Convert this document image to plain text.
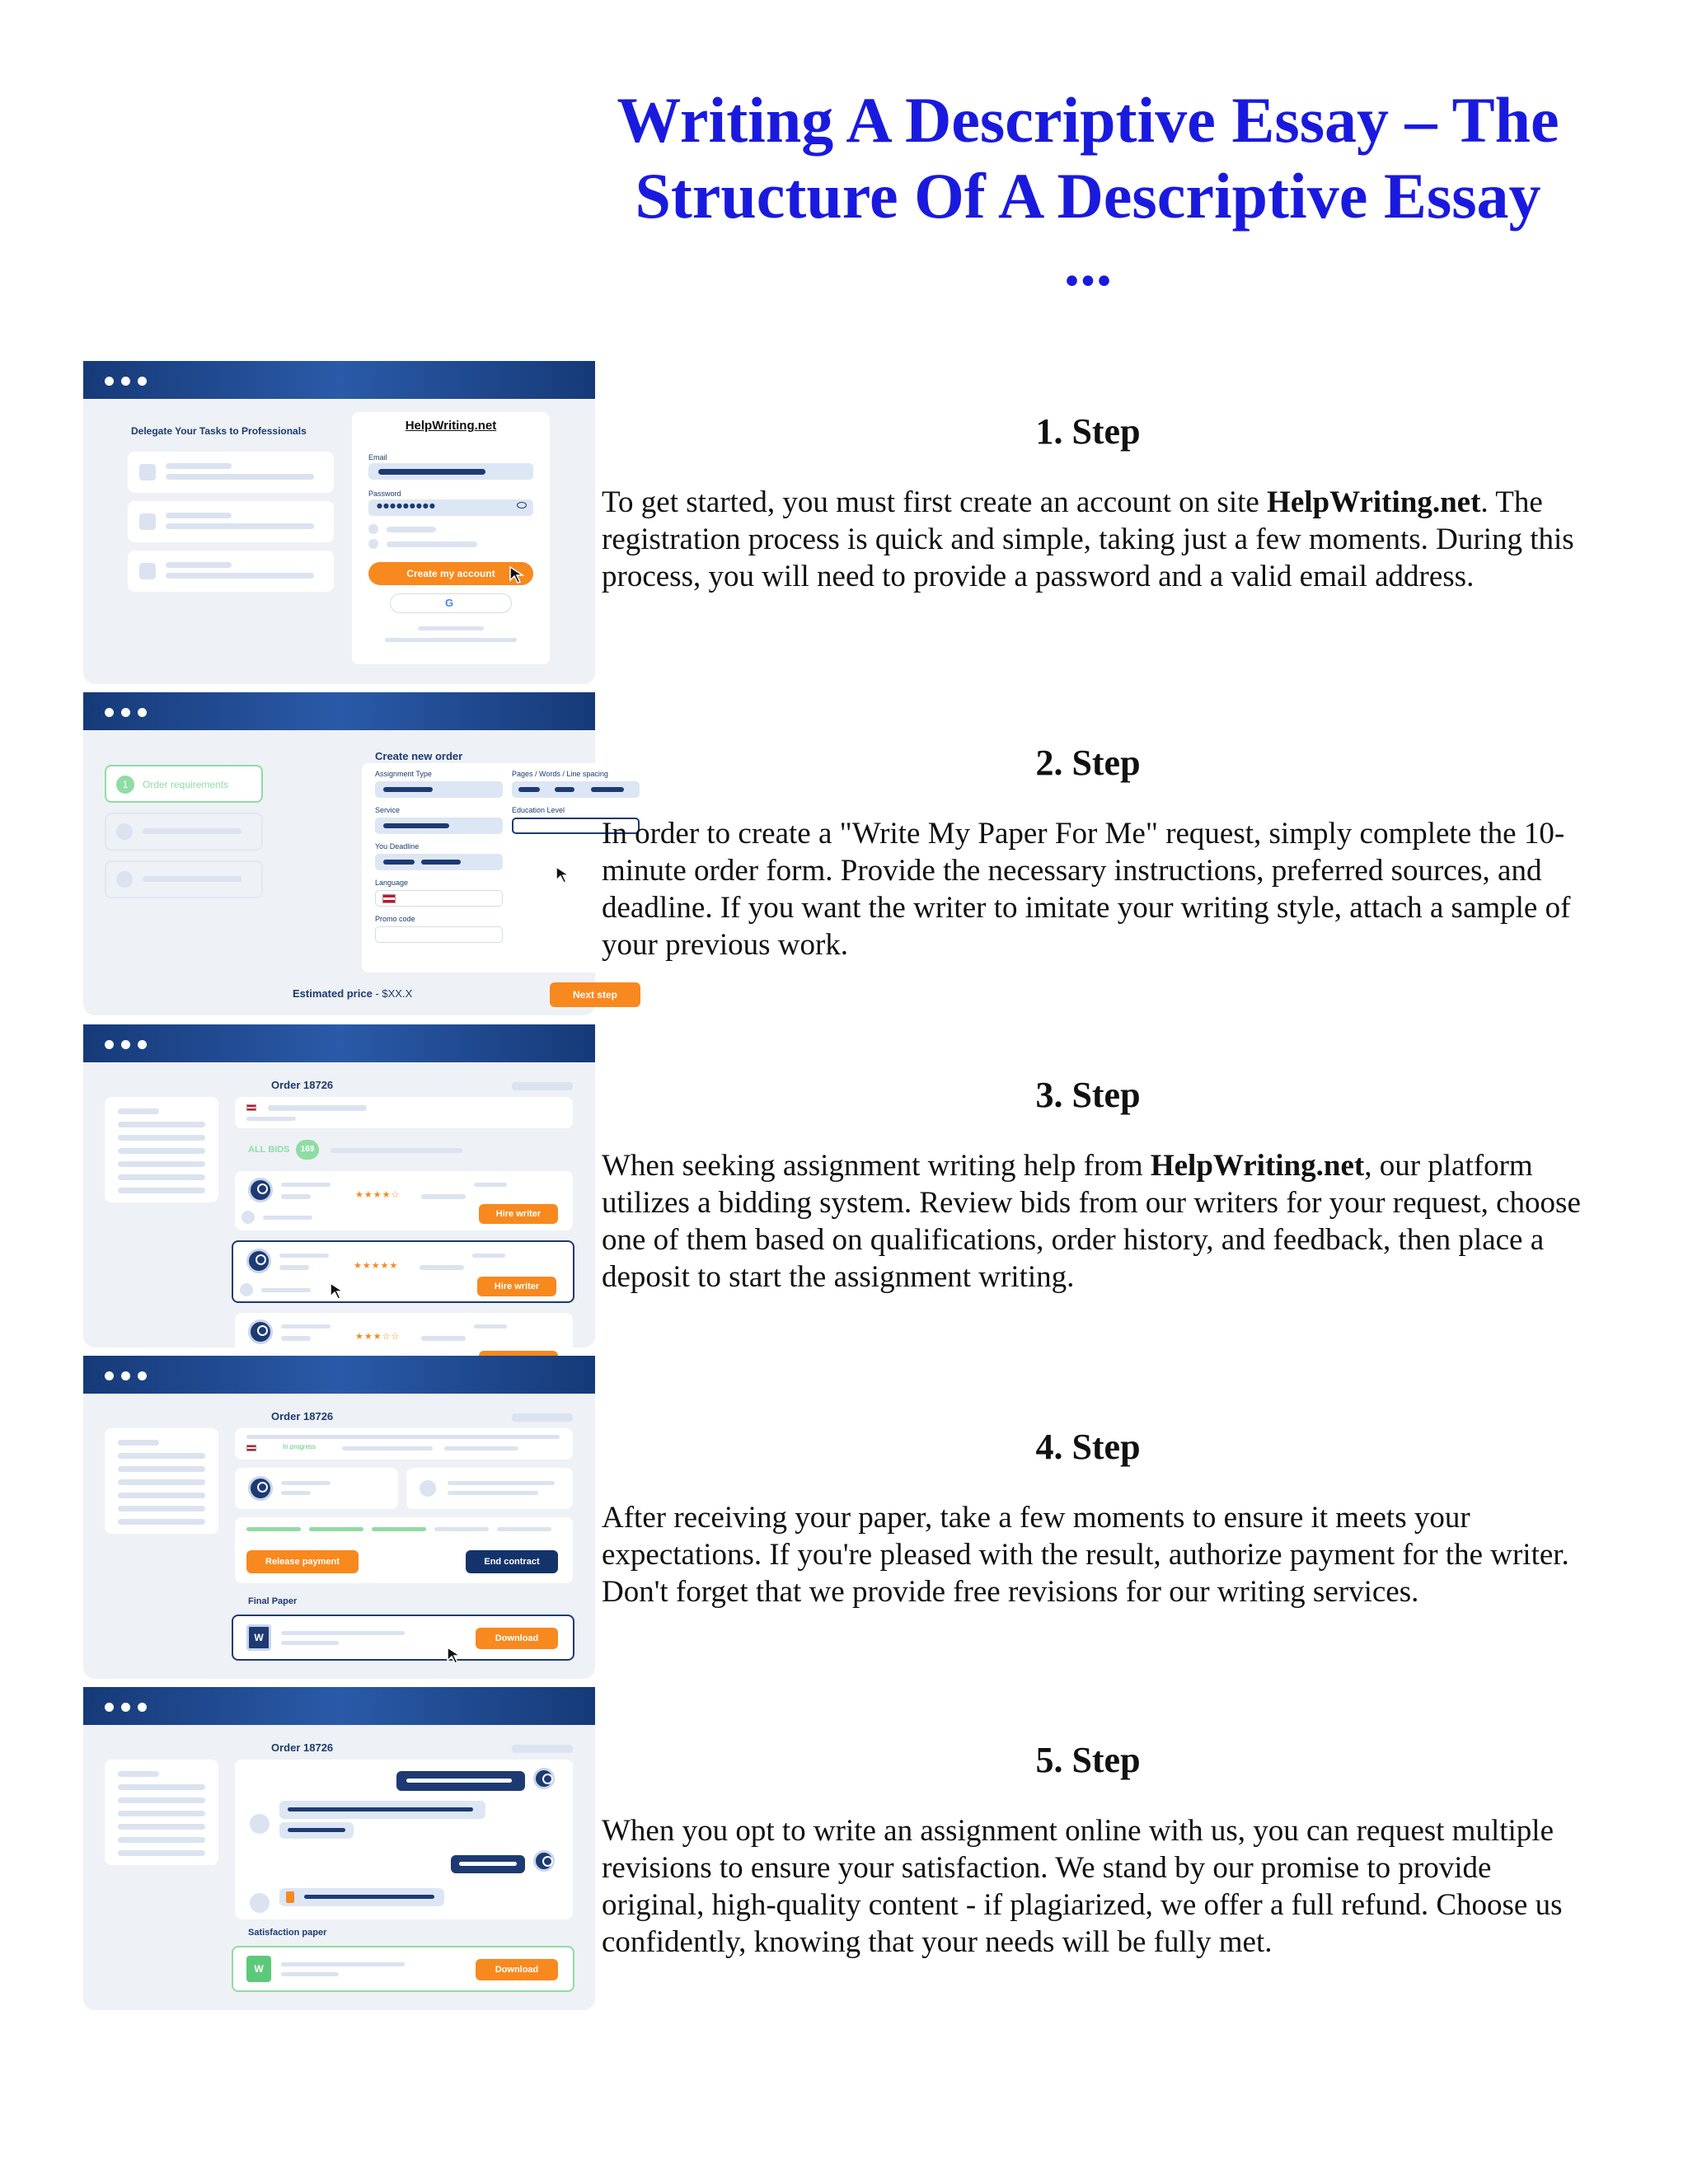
Writing A Descriptive Essay – The
Structure Of A Descriptive Essay
...
Delegate Your Tasks to Professionals	HelpWriting.net
Email
Password
●●●●●●●●●
Create my account
G
1	Order requirements
Create new order
Assignment Type	Pages / Words / Line spacing
Service	Education Level
You Deadline
Language
Promo code
Estimated price - $XX.X	Next step
Order 18726
ALL BIDS	169
★★★★☆
Hire writer
★★★★★
Hire writer
★★★☆☆
Order 18726
In progress
Release payment	End contract
Final Paper
W	Download
Order 18726
Satisfaction paper
W	Download
1. Step
To get started, you must first create an account on site HelpWriting.net. The registration process is quick and simple, taking just a few moments. During this process, you will need to provide a password and a valid email address.
2. Step
In order to create a "Write My Paper For Me" request, simply complete the 10-minute order form. Provide the necessary instructions, preferred sources, and deadline. If you want the writer to imitate your writing style, attach a sample of your previous work.
3. Step
When seeking assignment writing help from HelpWriting.net, our platform utilizes a bidding system. Review bids from our writers for your request, choose one of them based on qualifications, order history, and feedback, then place a deposit to start the assignment writing.
4. Step
After receiving your paper, take a few moments to ensure it meets your expectations. If you're pleased with the result, authorize payment for the writer. Don't forget that we provide free revisions for our writing services.
5. Step
When you opt to write an assignment online with us, you can request multiple revisions to ensure your satisfaction. We stand by our promise to provide original, high-quality content - if plagiarized, we offer a full refund. Choose us confidently, knowing that your needs will be fully met.
